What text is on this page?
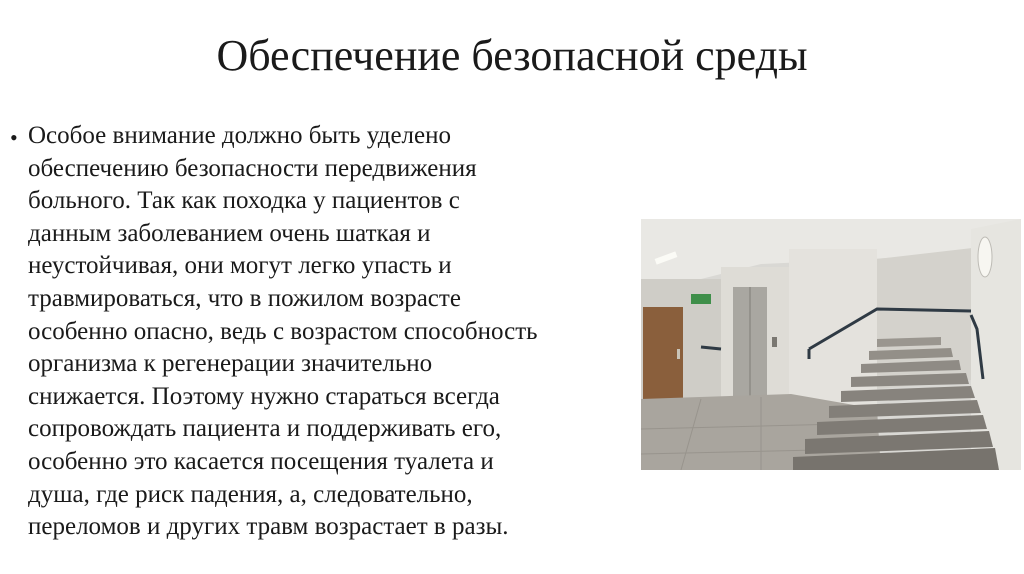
Обеспечение безопасной среды
• Особое внимание должно быть уделено
обеспечению безопасности передвижения
больного. Так как походка у пациентов с
данным заболеванием очень шаткая и
неустойчивая, они могут легко упасть и
травмироваться, что в пожилом возрасте
особенно опасно, ведь с возрастом способность
организма к регенерации значительно
снижается. Поэтому нужно стараться всегда
сопровождать пациента и поддерживать его,
особенно это касается посещения туалета и
душа, где риск падения, а, следовательно,
переломов и других травм возрастает в разы.
